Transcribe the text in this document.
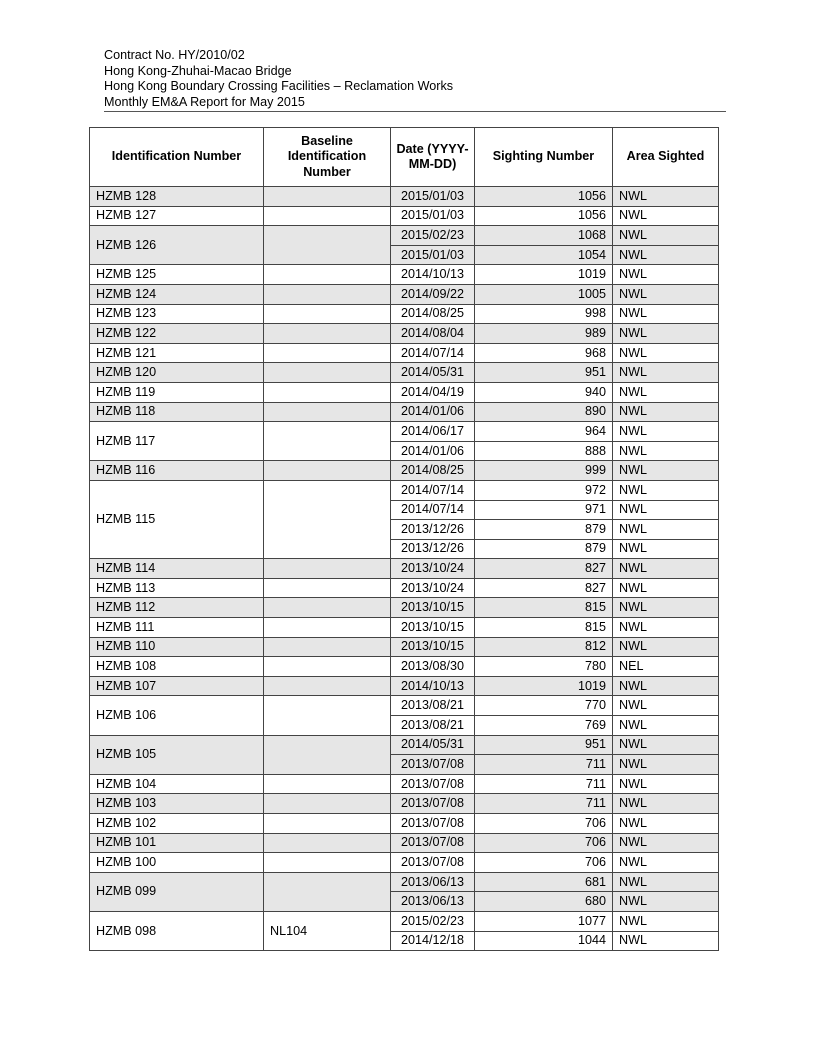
Contract No. HY/2010/02
Hong Kong-Zhuhai-Macao Bridge
Hong Kong Boundary Crossing Facilities – Reclamation Works
Monthly EM&A Report for May 2015
Identification Number	Baseline Identification Number	Date (YYYY-MM-DD)	Sighting Number	Area Sighted
HZMB 128		2015/01/03	1056	NWL
HZMB 127		2015/01/03	1056	NWL
HZMB 126		2015/02/23	1068	NWL
		2015/01/03	1054	NWL
HZMB 125		2014/10/13	1019	NWL
HZMB 124		2014/09/22	1005	NWL
HZMB 123		2014/08/25	998	NWL
HZMB 122		2014/08/04	989	NWL
HZMB 121		2014/07/14	968	NWL
HZMB 120		2014/05/31	951	NWL
HZMB 119		2014/04/19	940	NWL
HZMB 118		2014/01/06	890	NWL
HZMB 117		2014/06/17	964	NWL
		2014/01/06	888	NWL
HZMB 116		2014/08/25	999	NWL
HZMB 115		2014/07/14	972	NWL
		2014/07/14	971	NWL
		2013/12/26	879	NWL
		2013/12/26	879	NWL
HZMB 114		2013/10/24	827	NWL
HZMB 113		2013/10/24	827	NWL
HZMB 112		2013/10/15	815	NWL
HZMB 111		2013/10/15	815	NWL
HZMB 110		2013/10/15	812	NWL
HZMB 108		2013/08/30	780	NEL
HZMB 107		2014/10/13	1019	NWL
HZMB 106		2013/08/21	770	NWL
		2013/08/21	769	NWL
HZMB 105		2014/05/31	951	NWL
		2013/07/08	711	NWL
HZMB 104		2013/07/08	711	NWL
HZMB 103		2013/07/08	711	NWL
HZMB 102		2013/07/08	706	NWL
HZMB 101		2013/07/08	706	NWL
HZMB 100		2013/07/08	706	NWL
HZMB 099		2013/06/13	681	NWL
		2013/06/13	680	NWL
HZMB 098	NL104	2015/02/23	1077	NWL
		2014/12/18	1044	NWL
